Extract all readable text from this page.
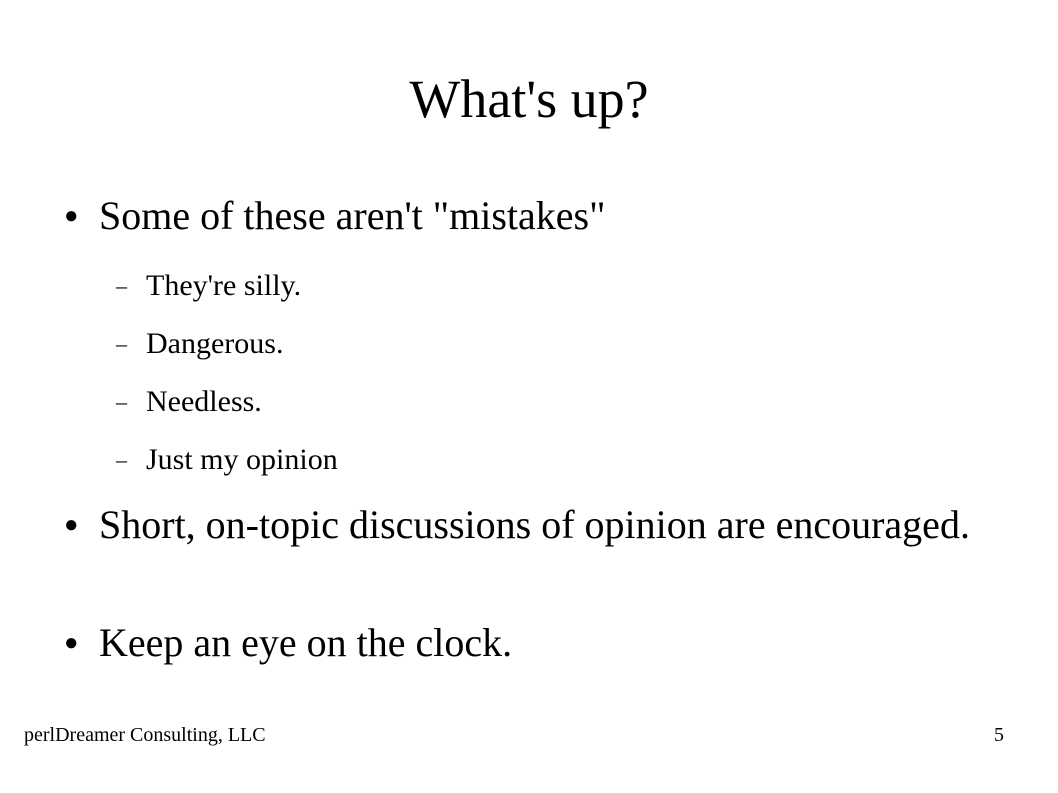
What's up?
● Some of these aren't "mistakes"
– They're silly.
– Dangerous.
– Needless.
– Just my opinion
● Short, on-topic discussions of opinion are encouraged.
● Keep an eye on the clock.
perlDreamer Consulting, LLC	5
